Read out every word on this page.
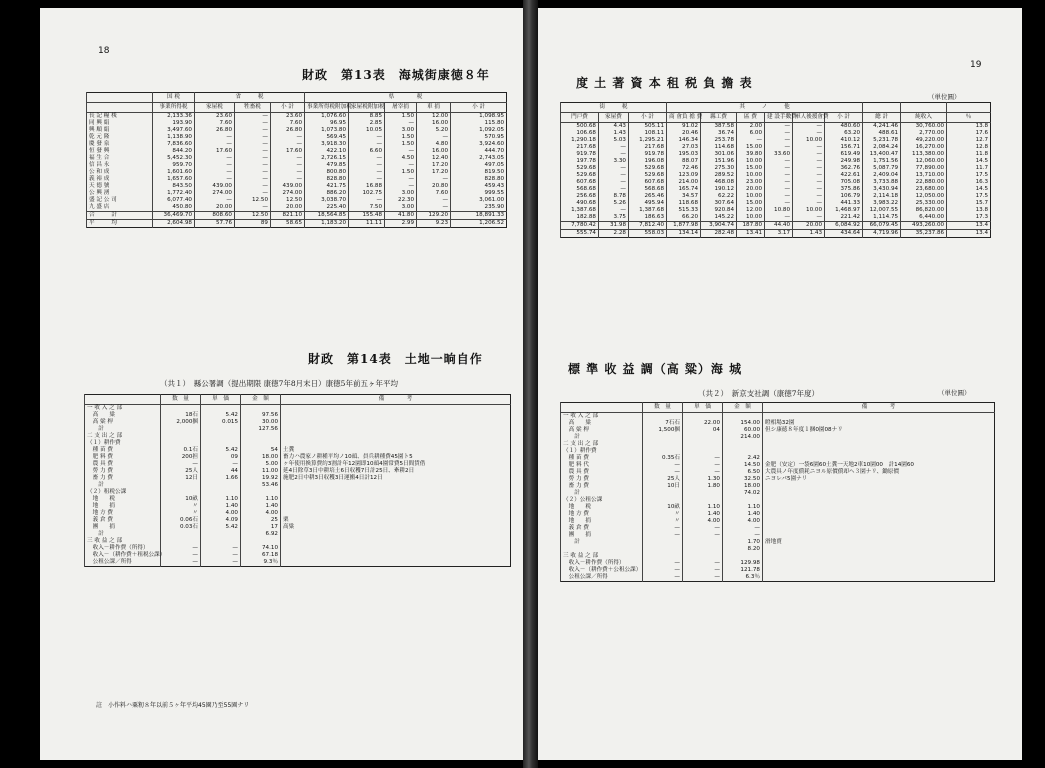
18
財政　第13表　海城街康徳８年
	国 税	省　　　税			県　　　　税				
	事業所得税	家屋税	牲畜税	小 計	事業所得税附加税	家屋税附加税	屠宰捐	車 捐	小 計
長 記 糧 桟	2,133.36	23.60	—	23.60	1,076.60	8.85	1.50	12.00	1,098.95
同 興 絹	193.90	7.60	—	7.60	96.95	2.85	—	16.00	115.80
興 順 絹	3,497.60	26.80	—	26.80	1,073.80	10.05	3.00	5.20	1,092.05
乾 元 隆	1,138.90	—	—	—	569.45	—	1.50	—	570.95
慶 發 泉	7,836.60	—	—	—	3,918.30	—	1.50	4.80	3,924.60
恒 發 興	844.20	17.60	—	17.60	422.10	6.60	—	16.00	444.70
福 生 合	5,452.30	—	—	—	2,726.15	—	4.50	12.40	2,743.05
信 昌 永	959.70	—	—	—	479.85	—	—	17.20	497.05
公 和 成	1,601.60	—	—	—	800.80	—	1.50	17.20	819.50
義 裕 成	1,657.60	—	—	—	828.80	—	—	—	828.80
天 德 號	843.50	439.00	—	439.00	421.75	16.88	—	20.80	459.43
公 興 湧	1,772.40	274.00	—	274.00	886.20	102.75	3.00	7.60	999.55
盛 記 公 司	6,077.40	—	12.50	12.50	3,038.70	—	22.30	—	3,061.00
九 盛 店	450.80	20.00	—	20.00	225.40	7.50	3.00	—	235.90
合　　　計	36,469.70	808.60	12.50	821.10	18,564.85	155.48	41.80	129.20	18,891.33
平　　　均	2,604.98	57.76	89	58.65	1,183.20	11.11	2.99	9.23	1,206.52
財政　第14表　土地一晌自作
（共１）　縣公署調（提出期限 康徳7年8月末日）康徳5年前五ヶ年平均
	数　量	単　価	金　額	備　　　　考
一 收 入 之 部				
　高　　粱	18石	5.42	97.56	
　高 粱 桿	2,000捆	0.015	30.00	
　　計			127.56	
二 支 出 之 部				
（１）耕作費				
　種 苗 費	0.1石	5.42	54	土糞
　肥 料 費	200担	09	18.00	畜力ハ農家ノ耕種平均ノ10頭、員兵耕種費45園ト5
　農 具 費	—	—	5.00	ヶ年使用換算費約3割計年12園即10頭4園常費5日間賃借
　勞 力 費	25人	44	11.00	延4日除草3日中耕培土6日収穫7日計25日、牽耕2日
　畜 力 費	12日	1.66	19.92	施肥2日中耕3日収穫3日運搬4日計12日
　　計			53.46	
（２）租税公課				
　地　　税	10畝	1.10	1.10	
　地　　捐	〃	1.40	1.40	
　地 方 費	〃	4.00	4.00	
　義 倉 費	0.06石	4.09	25	栗
　團　　捐	0.03石	5.42	17	高粱
　　計			6.92	
三 收 益 之 部				
　收入－耕作費（所得）	—	—	74.10	
　收入－（耕作費＋租税公課）	—	—	67.18	
　公租公課／所得	—	—	9.3％	
註　小作料ハ粟籾８年以前５ヶ年平均45園乃至55園ナリ
19
度 土 著 資 本 租 税 負 擔 表
（単位圓）
街　　　税			其　　　ノ　　　他								
門戸費	家屋費	小 計	商 會負 擔 費	縣工費	區 費	建 設手數費	軍人後援會費	小 計	總 計	純收入	％
500.68	4.43	505.11	91.02	387.58	2.00	—	—	480.60	4,241.46	30,760.00	13.8
106.68	1.43	108.11	20.46	36.74	6.00	—	—	63.20	488.61	2,770.00	17.6
1,290.18	5.03	1,295.21	146.34	253.78	—	—	10.00	410.12	5,231.78	49,220.00	12.7
217.68	—	217.68	27.03	114.68	15.00	—	—	156.71	2,084.24	16,270.00	12.8
919.78	—	919.78	195.03	301.06	39.80	33.60	—	619.49	13,400.47	113,380.00	11.8
197.78	3.30	196.08	88.07	151.96	10.00	—	—	249.98	1,751.56	12,060.00	14.5
529.68	—	529.68	72.46	275.30	15.00	—	—	362.76	5,087.79	77,890.00	11.7
529.68	—	529.68	123.09	289.52	10.00	—	—	422.61	2,409.04	13,710.00	17.5
607.68	—	607.68	214.00	468.08	23.00	—	—	705.08	3,733.88	22,880.00	16.3
568.68	—	568.68	165.74	190.12	20.00	—	—	375.86	3,430.94	23,680.00	14.5
256.68	8.78	265.46	34.57	62.22	10.00	—	—	106.79	2,114.18	12,050.00	17.5
490.68	5.26	495.94	118.68	307.64	15.00	—	—	441.33	3,983.22	25,330.00	15.7
1,387.68	—	1,387.68	515.33	920.84	12.00	10.80	10.00	1,468.97	12,007.55	86,820.00	13.8
182.88	3.75	186.63	66.20	145.22	10.00	—	—	221.42	1,114.75	6,440.00	17.3
7,780.42	31.98	7,812.40	1,877.98	3,904.74	187.80	44.40	20.00	6,084.92	66,079.45	493,260.00	13.4
555.74	2.28	558.03	134.14	282.48	13.41	3.17	1.43	434.64	4,719.96	35,237.86	13.4
標 準 收 益 調（高 粱）海 城
（共２）　新京支社調（康徳7年度）	（単位圓）
	数　量	単　価	金　額	備　　　　考
一 收 入 之 部				
　高　　粱	7石石	22.00	154.00	瞪相場32園
　高 粱 桿	1,500捆	04	60.00	但シ康徳８年度１捆0園08ナリ
　　計			214.00	
二 支 出 之 部				
（１）耕作費				
　種 苗 費	0.35石	—	2.42	
　肥 料 代	—	—	14.50	金肥（安定）一袋6園60土糞一天地2車10園00　計14園60
　農 具 費	—	—	6.50	大農具ノ年度償耗ニヨル原價償却ヘ３園ナリ、鋤原價
　勞 力 費	25人	1.30	32.50	ニヨレバ5園ナリ
　畜 力 費	10日	1.80	18.00	
　　計			74.02	
（２）公租公課				
　地　　税	10畝	1.10	1.10	
　地 方 費	〃	1.40	1.40	
　地　　捐	〃	4.00	4.00	
　義 倉 費	—	—	—	
　團　　捐	—	—	—	
　　計			1.70	滑地賣
			8.20	
三 收 益 之 部				
　收入－耕作費（所得）	—	—	129.98	
　收入－（耕作費＋公租公課）	—	—	121.78	
　公租公課／所得	—	—	6.3％	
